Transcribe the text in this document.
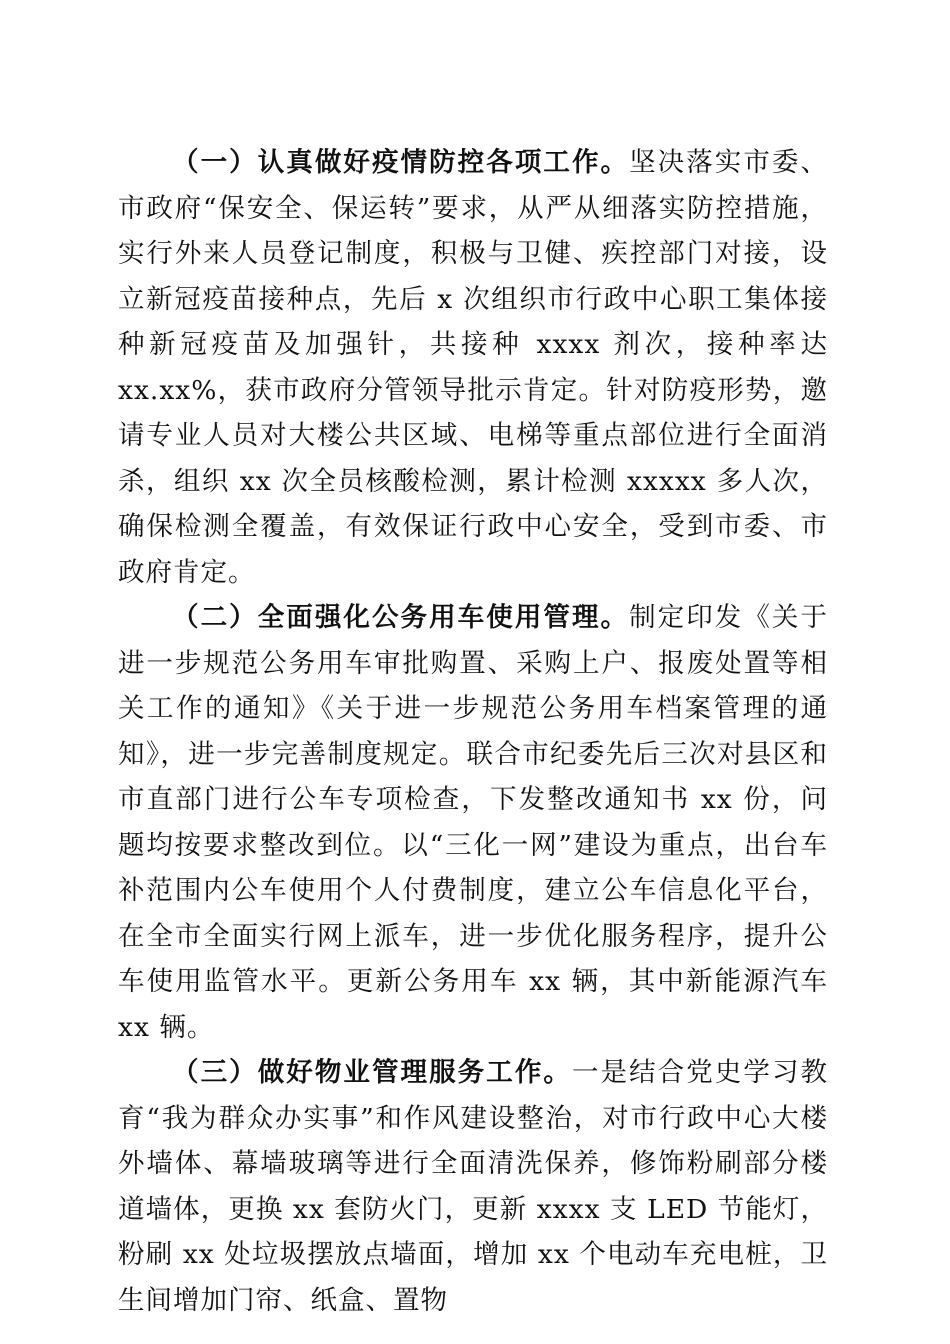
（一）认真做好疫情防控各项工作。坚决落实市委、市政府“保安全、保运转”要求，从严从细落实防控措施，实行外来人员登记制度，积极与卫健、疾控部门对接，设立新冠疫苗接种点，先后 x 次组织市行政中心职工集体接种新冠疫苗及加强针，共接种 xxxx 剂次，接种率达 xx.xx%，获市政府分管领导批示肯定。针对防疫形势，邀请专业人员对大楼公共区域、电梯等重点部位进行全面消杀，组织 xx 次全员核酸检测，累计检测 xxxxx 多人次，确保检测全覆盖，有效保证行政中心安全，受到市委、市政府肯定。

（二）全面强化公务用车使用管理。制定印发《关于进一步规范公务用车审批购置、采购上户、报废处置等相关工作的通知》《关于进一步规范公务用车档案管理的通知》，进一步完善制度规定。联合市纪委先后三次对县区和市直部门进行公车专项检查，下发整改通知书 xx 份，问题均按要求整改到位。以“三化一网”建设为重点，出台车补范围内公车使用个人付费制度，建立公车信息化平台，在全市全面实行网上派车，进一步优化服务程序，提升公车使用监管水平。更新公务用车 xx 辆，其中新能源汽车 xx 辆。

（三）做好物业管理服务工作。一是结合党史学习教育“我为群众办实事”和作风建设整治，对市行政中心大楼外墙体、幕墙玻璃等进行全面清洗保养，修饰粉刷部分楼道墙体，更换 xx 套防火门，更新 xxxx 支 LED 节能灯，粉刷 xx 处垃圾摆放点墙面，增加 xx 个电动车充电桩，卫生间增加门帘、纸盒、置物
